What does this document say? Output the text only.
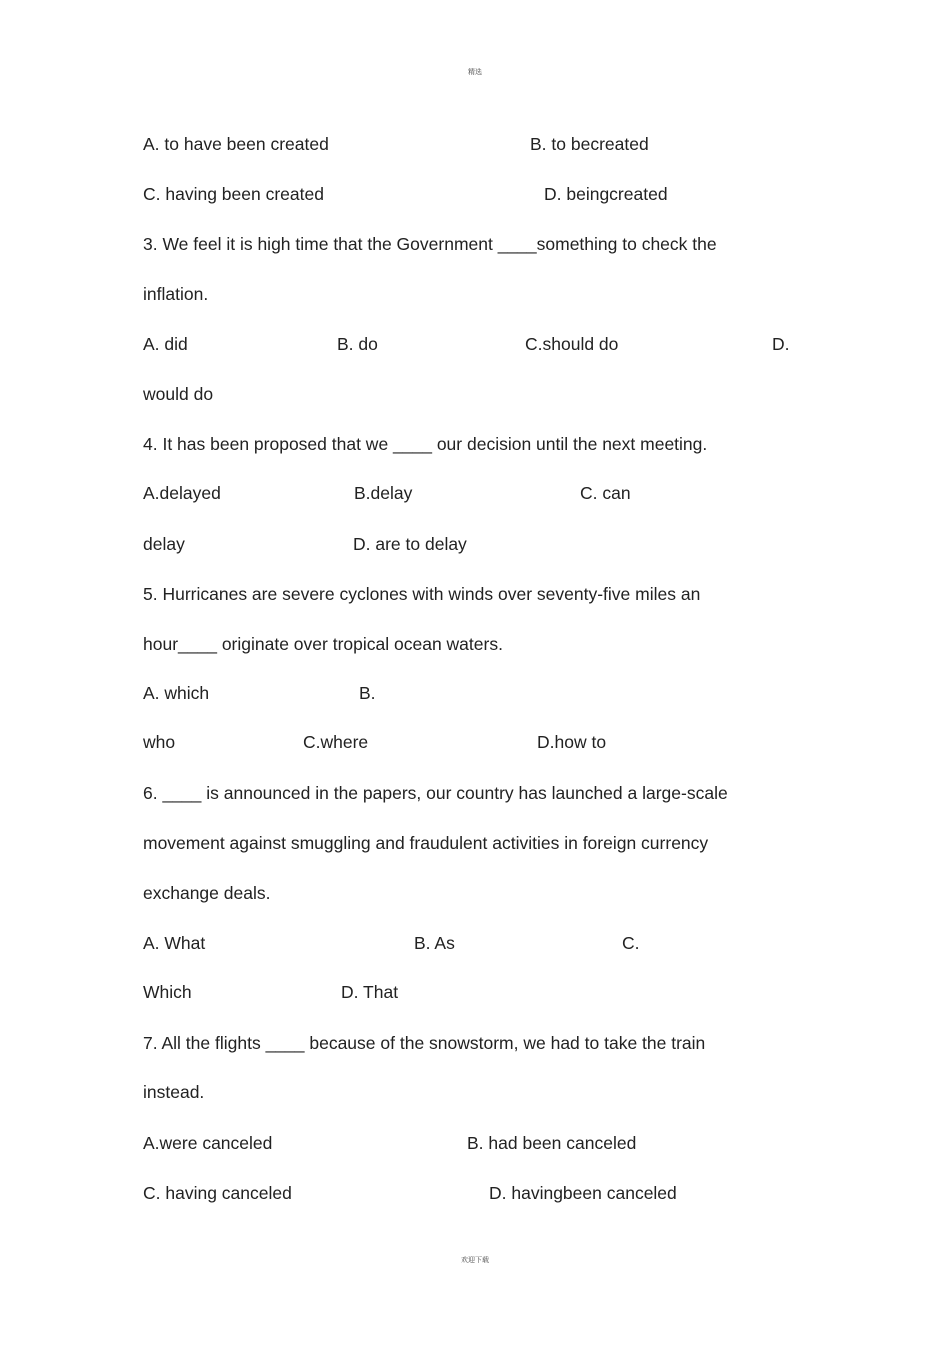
精选
A. to have been created	B. to becreated
C. having been created	D. beingcreated
3. We feel it is high time that the Government ____something to check the
inflation.
A. did	B. do	C.should do	D.
would do
4. It has been proposed that we ____ our decision until the next meeting.
A.delayed	B.delay	C. can
delay	D. are to delay
5. Hurricanes are severe cyclones with winds over seventy-five miles an
hour____ originate over tropical ocean waters.
A. which	B.
who	C.where	D.how to
6. ____ is announced in the papers, our country has launched a large-scale
movement against smuggling and fraudulent activities in foreign currency
exchange deals.
A. What	B. As	C.
Which	D. That
7. All the flights ____ because of the snowstorm, we had to take the train
instead.
A.were canceled	B. had been canceled
C. having canceled	D. havingbeen canceled
欢迎下载
